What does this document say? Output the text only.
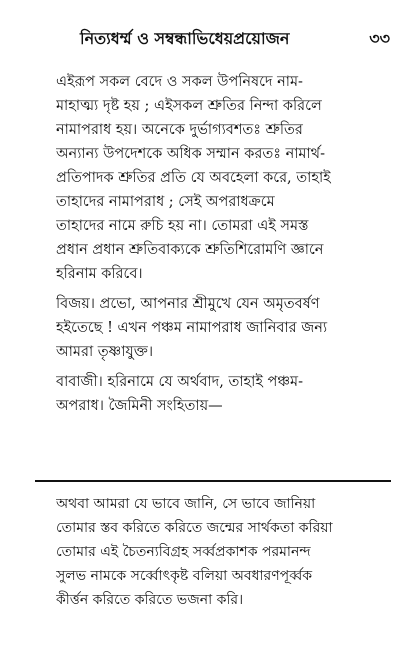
নিত্যধর্ম্ম ও সম্বন্ধাভিধেয়প্রয়োজন	৩৩
এইরূপ সকল বেদে ও সকল উপনিষদে নাম-
মাহাত্ম্য দৃষ্ট হয় ; এইসকল শ্রুতির নিন্দা করিলে
নামাপরাধ হয়। অনেকে দুর্ভাগ্যবশতঃ শ্রুতির
অন্যান্য উপদেশকে অধিক সম্মান করতঃ নামার্থ-
প্রতিপাদক শ্রুতির প্রতি যে অবহেলা করে, তাহাই
তাহাদের নামাপরাধ ; সেই অপরাধক্রমে
তাহাদের নামে রুচি হয় না। তোমরা এই সমস্ত
প্রধান প্রধান শ্রুতিবাক্যকে শ্রুতিশিরোমণি জ্ঞানে
হরিনাম করিবে।
বিজয়। প্রভো, আপনার শ্রীমুখে যেন অমৃতবর্ষণ
হইতেছে ! এখন পঞ্চম নামাপরাধ জানিবার জন্য
আমরা তৃষ্ণাযুক্ত।
বাবাজী। হরিনামে যে অর্থবাদ, তাহাই পঞ্চম-
অপরাধ। জৈমিনী সংহিতায়—
অথবা আমরা যে ভাবে জানি, সে ভাবে জানিয়া
তোমার স্তব করিতে করিতে জন্মের সার্থকতা করিয়া
তোমার এই চৈতন্যবিগ্রহ সর্ব্বপ্রকাশক পরমানন্দ
সুলভ নামকে সর্ব্বোৎকৃষ্ট বলিয়া অবধারণপূর্ব্বক
কীর্ত্তন করিতে করিতে ভজনা করি।
